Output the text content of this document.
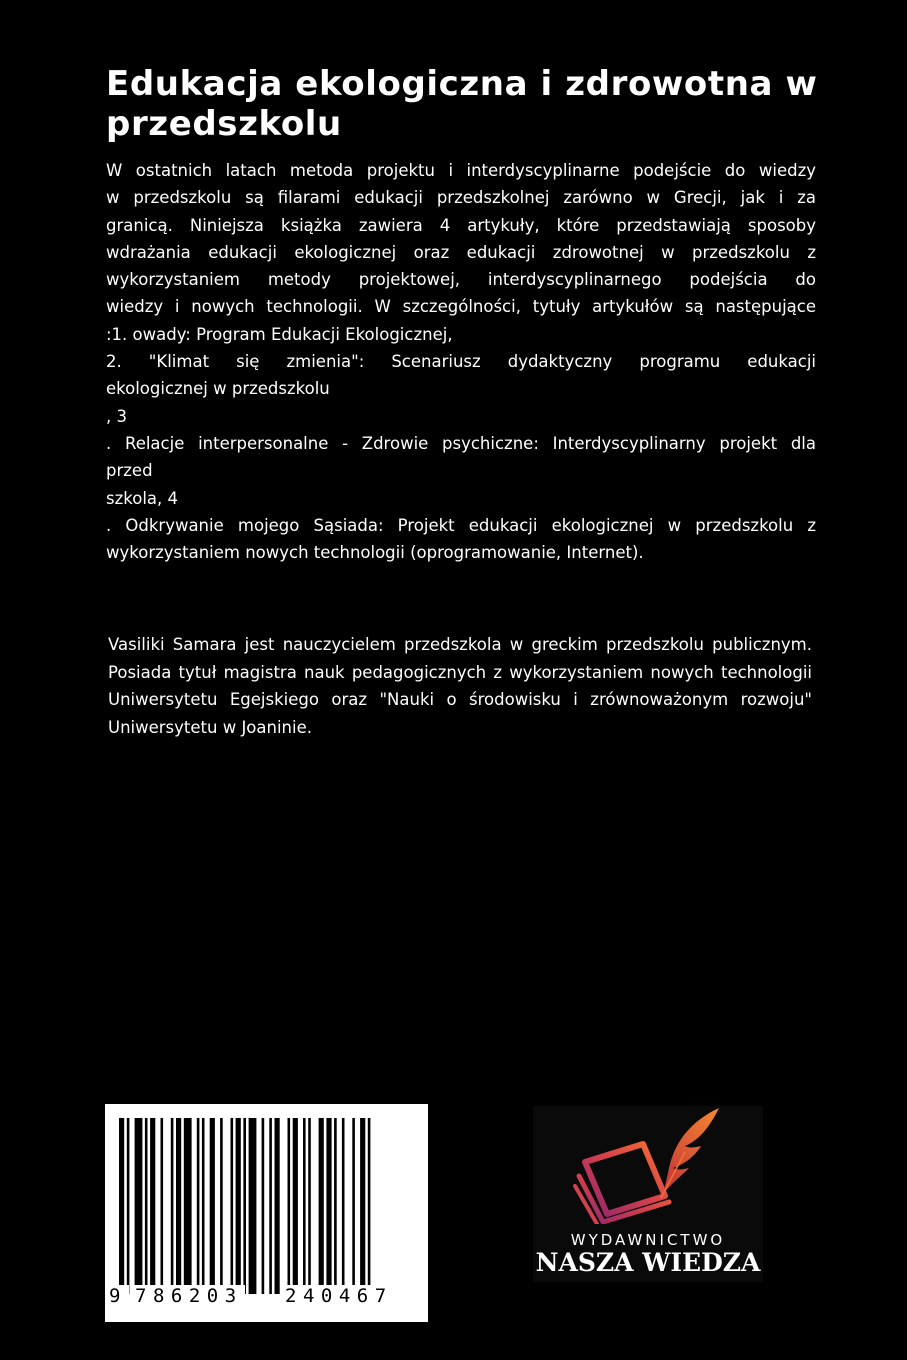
Edukacja ekologiczna i zdrowotna w przedszkolu

W ostatnich latach metoda projektu i interdyscyplinarne podejście do wiedzy

w przedszkolu są filarami edukacji przedszkolnej zarówno w Grecji, jak i za

granicą. Niniejsza książka zawiera 4 artykuły, które przedstawiają sposoby

wdrażania edukacji ekologicznej oraz edukacji zdrowotnej w przedszkolu z

wykorzystaniem metody projektowej, interdyscyplinarnego podejścia do

wiedzy i nowych technologii. W szczególności, tytuły artykułów są następujące

:1. owady: Program Edukacji Ekologicznej,

2. "Klimat się zmienia": Scenariusz dydaktyczny programu edukacji

ekologicznej w przedszkolu

, 3

. Relacje interpersonalne - Zdrowie psychiczne: Interdyscyplinarny projekt dla

przed

szkola, 4

. Odkrywanie mojego Sąsiada: Projekt edukacji ekologicznej w przedszkolu z

wykorzystaniem nowych technologii (oprogramowanie, Internet).

Vasiliki Samara jest nauczycielem przedszkola w greckim przedszkolu publicznym. Posiada tytuł magistra nauk pedagogicznych z wykorzystaniem nowych technologii Uniwersytetu Egejskiego oraz "Nauki o środowisku i zrównoważonym rozwoju" Uniwersytetu w Joaninie.

9 786203 240467
WYDAWNICTWO
NASZA WIEDZA
